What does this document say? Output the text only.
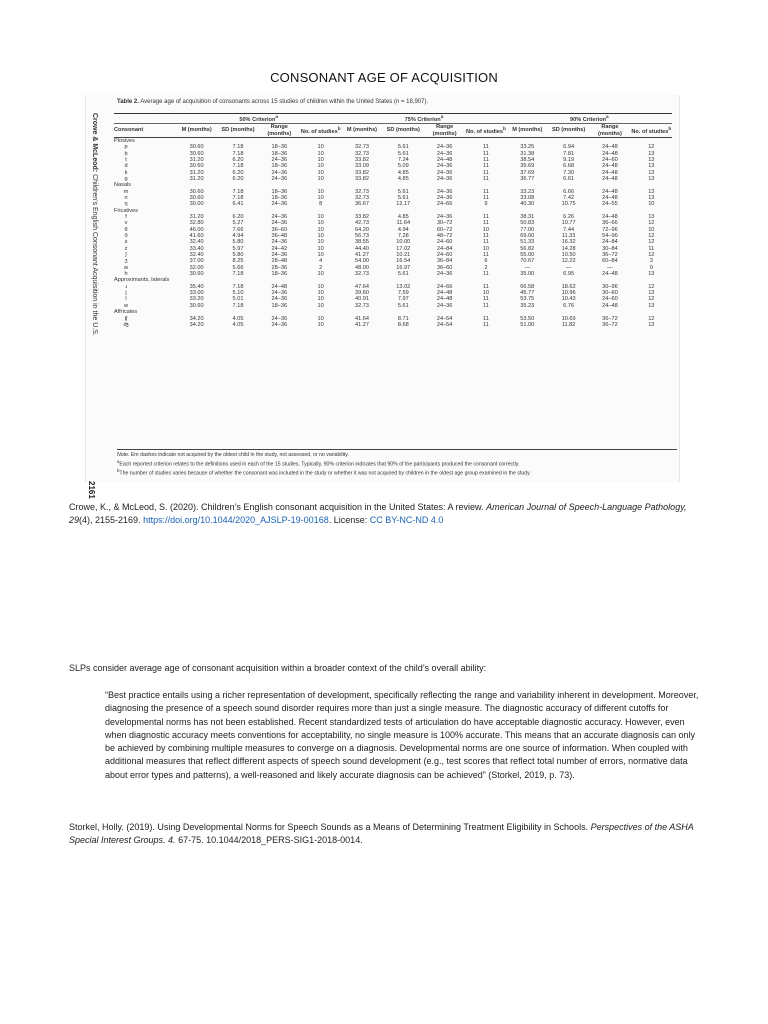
CONSONANT AGE OF ACQUISITION
Crowe & McLeod: Children’s English Consonant Acquisition in the U.S.
2161
Table 2. Average age of acquisition of consonants across 15 studies of children within the United States (n = 18,907).
	50% Criterion$^a$				75% Criterion$^a$				90% Criterion$^a$
Consonant	M (months)	SD (months)	Range (months)	No. of studies$^b$	M (months)	SD (months)	Range (months)	No. of studies$^b$	M (months)	SD (months)	Range (months)	No. of studies$^b$
Plosives												
p	30.60	7.18	18–36	10	32.73	5.61	24–36	11	33.25	6.94	24–48	12
b	30.60	7.18	18–36	10	32.73	5.61	24–36	11	31.38	7.81	24–48	13
t	31.20	6.20	24–36	10	33.82	7.24	24–48	11	38.54	9.19	24–60	13
d	30.60	7.18	18–36	10	33.09	5.09	24–36	11	35.69	6.68	24–48	13
k	31.20	6.20	24–36	10	33.82	4.85	24–36	11	37.69	7.30	24–48	13
g	31.20	6.20	24–36	10	33.82	4.85	24–36	11	36.77	6.61	24–48	13
Nasals												
m	30.60	7.18	18–36	10	32.73	5.61	24–36	11	33.23	6.66	24–48	13
n	30.60	7.18	18–36	10	32.73	5.61	24–36	11	33.08	7.42	24–48	13
ŋ	30.00	6.41	24–36	8	36.67	12.17	24–66	9	40.30	10.75	24–55	10
Fricatives												
f	31.20	6.20	24–36	10	33.82	4.85	24–36	11	38.31	6.26	24–48	13
v	32.80	5.27	24–36	10	42.73	11.64	30–72	11	50.83	10.77	36–66	12
θ	46.00	7.66	36–60	10	64.20	4.94	60–72	10	77.00	7.44	72–96	10
ð	41.60	4.94	36–48	10	56.73	7.28	48–72	11	69.00	11.33	54–96	12
s	32.40	5.80	24–36	10	38.55	10.00	24–60	11	51.33	16.32	24–84	12
z	33.40	5.97	24–42	10	44.40	17.02	24–84	10	56.82	14.28	30–84	11
ʃ	32.40	5.80	24–36	10	41.27	10.21	24–60	11	55.00	10.50	36–72	12
ʒ	37.00	8.25	28–48	4	54.00	16.54	36–84	6	70.67	12.22	60–84	3
ʍ	32.00	5.66	28–36	2	48.00	16.97	36–60	2	—	—	—	0
h	30.60	7.18	18–36	10	32.73	5.61	24–36	11	35.00	6.95	24–48	13
Approximants, laterals												
ɹ	35.40	7.18	24–48	10	47.64	13.02	24–66	11	66.58	18.62	30–96	12
j	33.00	5.10	24–36	10	39.60	7.59	24–48	10	45.77	10.96	30–60	13
l	33.20	5.01	24–36	10	40.91	7.97	24–48	11	53.75	10.43	24–60	12
w	30.60	7.18	18–36	10	32.73	5.61	24–36	11	35.23	6.76	24–48	13
Affricates												
ʧ	34.20	4.05	24–36	10	41.64	8.71	24–54	11	53.50	10.69	36–72	12
ʤ	34.20	4.05	24–36	10	41.27	8.68	24–54	11	51.00	11.82	36–72	13
Note. Em dashes indicate not acquired by the oldest child in the study, not assessed, or no variability.
$^a$Each reported criterion relates to the definitions used in each of the 15 studies. Typically, 90% criterion indicates that 90% of the participants produced the consonant correctly.
$^b$The number of studies varies because of whether the consonant was included in the study or whether it was not acquired by children in the oldest age group examined in the study.
Crowe, K., & McLeod, S. (2020). Children’s English consonant acquisition in the United States: A review. American Journal of Speech-Language Pathology, 29(4), 2155-2169. https://doi.org/10.1044/2020_AJSLP-19-00168. License: CC BY-NC-ND 4.0
SLPs consider average age of consonant acquisition within a broader context of the child’s overall ability:
“Best practice entails using a richer representation of development, specifically reflecting the range and variability inherent in development. Moreover, diagnosing the presence of a speech sound disorder requires more than just a single measure. The diagnostic accuracy of different cutoffs for developmental norms has not been established. Recent standardized tests of articulation do have acceptable diagnostic accuracy. However, even when diagnostic accuracy meets conventions for acceptability, no single measure is 100% accurate. This means that an accurate diagnosis can only be achieved by combining multiple measures to converge on a diagnosis. Developmental norms are one source of information. When coupled with additional measures that reflect different aspects of speech sound development (e.g., test scores that reflect total number of errors, normative data about error types and patterns), a well-reasoned and likely accurate diagnosis can be achieved” (Storkel, 2019, p. 73).
Storkel, Holly. (2019). Using Developmental Norms for Speech Sounds as a Means of Determining Treatment Eligibility in Schools. Perspectives of the ASHA Special Interest Groups. 4. 67-75. 10.1044/2018_PERS-SIG1-2018-0014.
